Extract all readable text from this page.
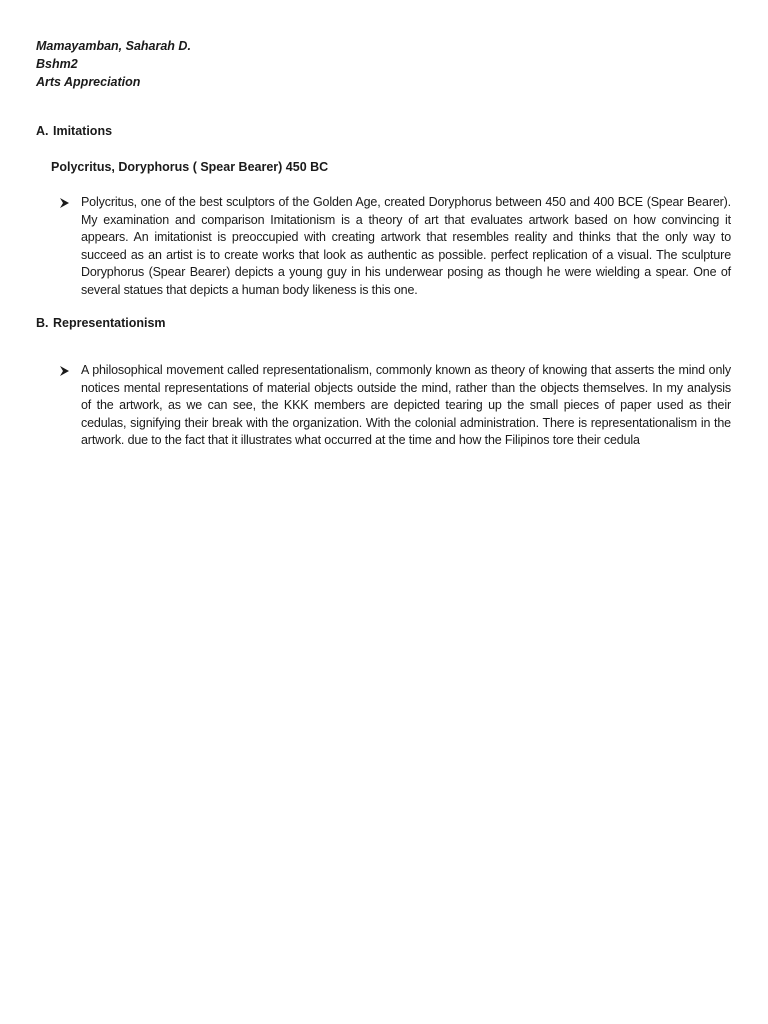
Mamayamban, Saharah D.
Bshm2
Arts Appreciation
A. Imitations
Polycritus, Doryphorus ( Spear Bearer) 450 BC
Polycritus, one of the best sculptors of the Golden Age, created Doryphorus between 450 and 400 BCE (Spear Bearer). My examination and comparison Imitationism is a theory of art that evaluates artwork based on how convincing it appears. An imitationist is preoccupied with creating artwork that resembles reality and thinks that the only way to succeed as an artist is to create works that look as authentic as possible. perfect replication of a visual. The sculpture Doryphorus (Spear Bearer) depicts a young guy in his underwear posing as though he were wielding a spear. One of several statues that depicts a human body likeness is this one.
B. Representationism
A philosophical movement called representationalism, commonly known as theory of knowing that asserts the mind only notices mental representations of material objects outside the mind, rather than the objects themselves. In my analysis of the artwork, as we can see, the KKK members are depicted tearing up the small pieces of paper used as their cedulas, signifying their break with the organization. With the colonial administration. There is representationalism in the artwork. due to the fact that it illustrates what occurred at the time and how the Filipinos tore their cedula
